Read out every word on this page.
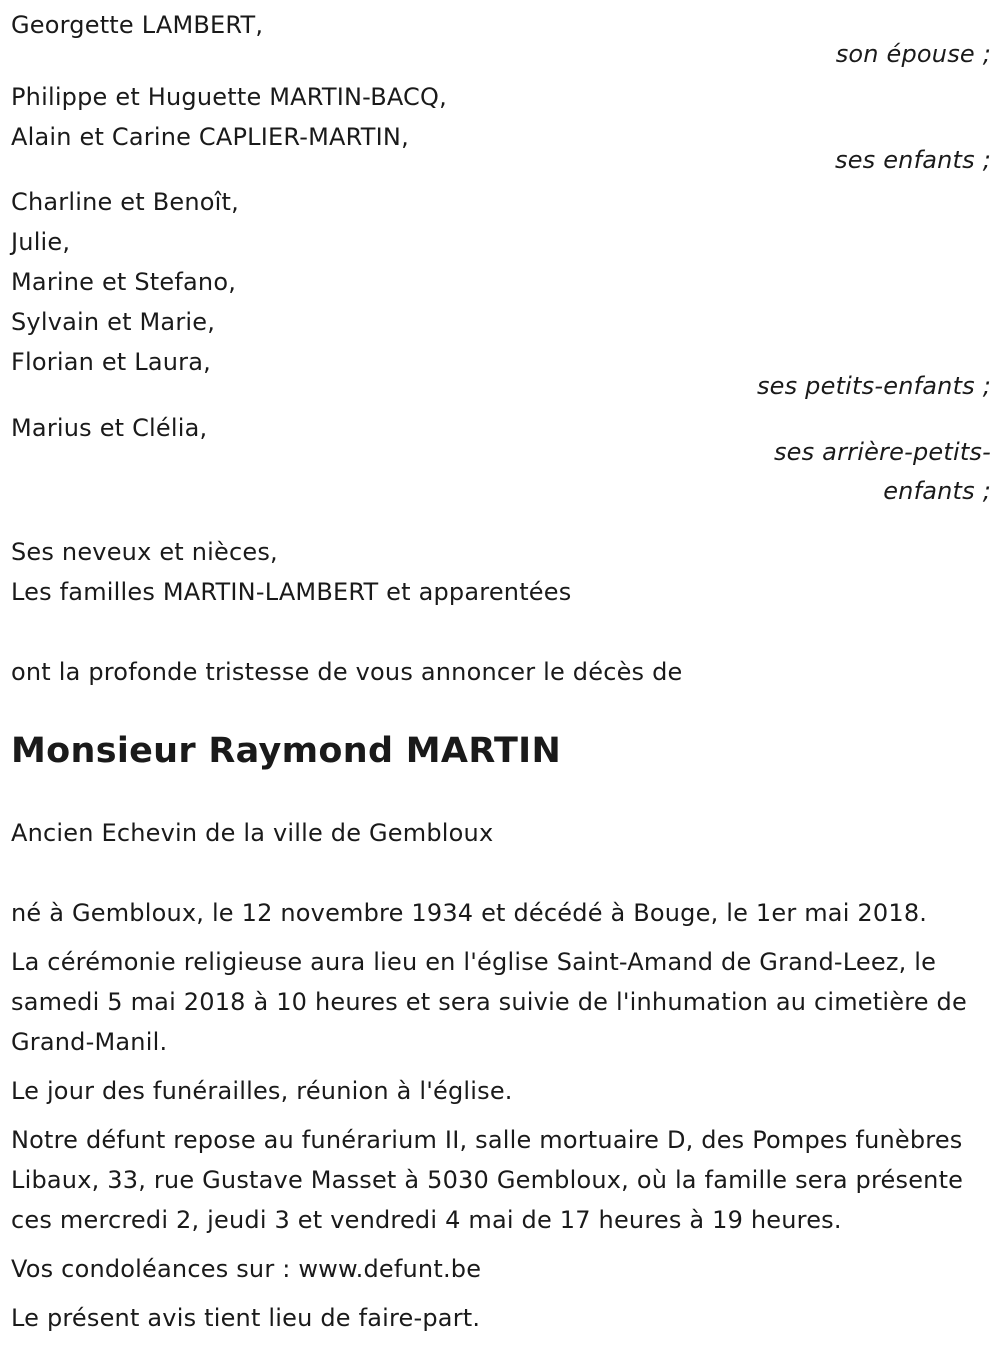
Georgette LAMBERT,
son épouse ;
Philippe et Huguette MARTIN-BACQ,
Alain et Carine CAPLIER-MARTIN,
ses enfants ;
Charline et Benoît,
Julie,
Marine et Stefano,
Sylvain et Marie,
Florian et Laura,
ses petits-enfants ;
Marius et Clélia,
ses arrière-petits-
enfants ;
Ses neveux et nièces,
Les familles MARTIN-LAMBERT et apparentées
ont la profonde tristesse de vous annoncer le décès de
Monsieur Raymond MARTIN
Ancien Echevin de la ville de Gembloux

né à Gembloux, le 12 novembre 1934 et décédé à Bouge, le 1er mai 2018.

La cérémonie religieuse aura lieu en l'église Saint-Amand de Grand-Leez, le samedi 5 mai 2018 à 10 heures et sera suivie de l'inhumation au cimetière de Grand-Manil.

Le jour des funérailles, réunion à l'église.

Notre défunt repose au funérarium II, salle mortuaire D, des Pompes funèbres Libaux, 33, rue Gustave Masset à 5030 Gembloux, où la famille sera présente ces mercredi 2, jeudi 3 et vendredi 4 mai de 17 heures à 19 heures.

Vos condoléances sur : www.defunt.be

Le présent avis tient lieu de faire-part.
